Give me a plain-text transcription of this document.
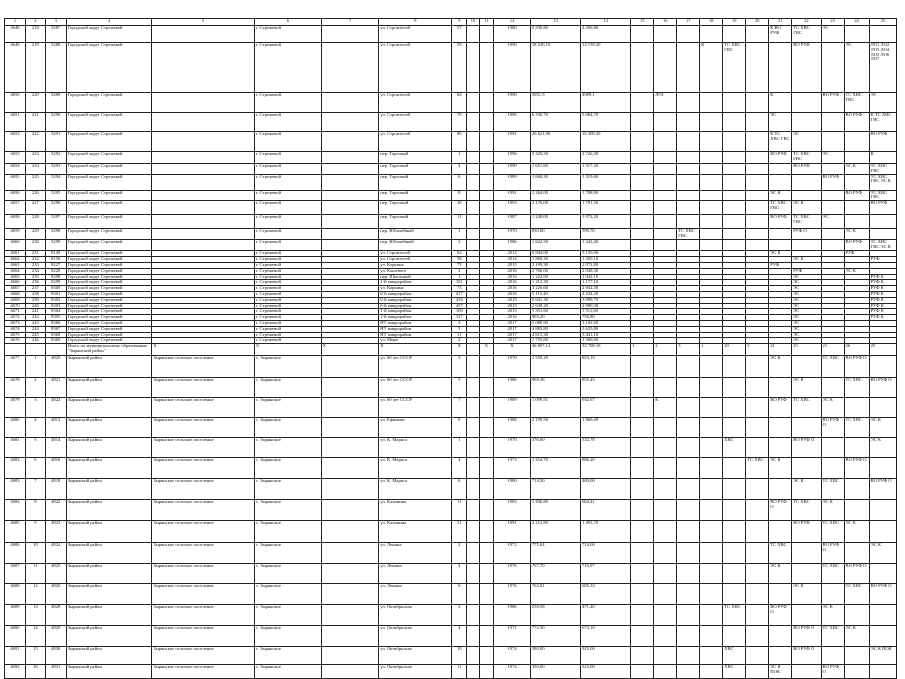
1	2	3	4	5	6	7	8	9	10	11	12	13	14	15	16	17	18	19	20	21	22	23	24	25
4648	218	5287	Городской округ Стрежевой		г. Стрежевой		ул. Строителей	57			1980	5 330,80	4 206,80							К ВО РУФ	ТС ХВС ГВС	ЭС		
4649	219	5288	Городской округ Стрежевой		г. Стрежевой		ул. Строителей	59			1990	18 526,10	14 158,30				К	ТС ХВС ГВС			ВО РУФ		ЭС	ЛО1 ЛО2 ЛО3 ЛО4 ЛО5 ЛО6 ЛО7
4650	220	5289	Городской округ Стрежевой		г. Стрежевой		ул. Строителей	64			1990	5051,9	4989,1		ЛО1					К		ВО РУФ	ТС ХВС ГВС	ЭС
4651	221	5290	Городской округ Стрежевой		г. Стрежевой		ул. Строителей	70			1996	6 336,70	5 084,70							ЭС			ВО РУФ	К ТС ХВС ГВС
4652	222	5291	Городской округ Стрежевой		г. Стрежевой		ул. Строителей	80			1991	20 621,90	16 300,30							К ТС ХВС ГВС	ЭС			ВО РУФ
4653	223	5292	Городской округ Стрежевой		г. Стрежевой		пер. Торговый	1			1996	3 329,50	2 726,30							ВО РУФ	ТС ХВС ГВС	ЭС		К
4654	224	5293	Городской округ Стрежевой		г. Стрежевой		пер. Торговый	4			1990	1 651,60	1 317,20								ВО РУФ		ЭС К	ТС ХВС ГВС
4655	225	5294	Городской округ Стрежевой		г. Стрежевой		пер. Торговый	6			1989	1 668,30	1 319,60									ВО РУФ		ТС ХВС ГВС ЭС К
4656	226	5295	Городской округ Стрежевой		г. Стрежевой		пер. Торговый	8			1991	2 264,00	1 788,90							ЭС К			ВО РУФ	ТС ХВС ГВС
4657	227	5296	Городской округ Стрежевой		г. Стрежевой		пер. Торговый	10			1993	2 176,00	1 781,50							ТС ХВС ГВС	ЭС К			ВО РУФ
4658	228	5297	Городской округ Стрежевой		г. Стрежевой		пер. Торговый	11			1987	1 248,00	1 072,20							ВО РУФ	ТС ХВС ГВС	ЭС		
4659	229	5298	Городской округ Стрежевой		г. Стрежевой		пер. Юбилейный	1			1970	830,80	599,70			ТС ХВС ГВС					РУФ О		ЭС К	
4660	230	5299	Городской округ Стрежевой		г. Стрежевой		пер. Юбилейный	2			1986	1 622,50	1 342,40										ВО РУФ	ТС ХВС ГВС ЭС К
4661	231	8149	Городской округ Стрежевой		г. Стрежевой		ул. Строителей	62			2014	6 844,00	5 150,00							ЭС К			РУФ	
4662	232	8150	Городской округ Стрежевой		г. Стрежевой		ул. Строителей	58			2014	1 860,30	1 450,10								ЭС К			РУФ
4663	233	8227	Городской округ Стрежевой		г. Стрежевой		ул. Коркина	75			2015	3 109,30	2 072,80							РУФ				
4664	234	8228	Городской округ Стрежевой		г. Стрежевой		ул. Кошевого	2			2016	2 766,00	2 048,30								РУФ		ЭС К	
4665	235	8298	Городской округ Стрежевой		г. Стрежевой		пер. Школьный	1			2016	1 222,90	1 042,10								ЭС			РУФ К
4666	236	8299	Городской округ Стрежевой		г. Стрежевой		1-й микрорайон	101			2016	1 212,30	1 177,10								ЭС			РУФ К
4667	237	8300	Городской округ Стрежевой		г. Стрежевой		ул. Коркина	73			2016	3 226,60	2 942,50								ЭС			РУФ К
4668	238	8301	Городской округ Стрежевой		г. Стрежевой		6-й микрорайон	417			2016	5 115,40	4 234,20								ЭС			РУФ К
4669	239	8302	Городской округ Стрежевой		г. Стрежевой		6-й микрорайон	416			2015	5 641,30	3 099,70								ЭС			РУФ К
4670	240	8303	Городской округ Стрежевой		г. Стрежевой		6-й микрорайон	457			2015	2 630,20	2 980,30								ЭС			РУФ К
4671	241	8304	Городской округ Стрежевой		г. Стрежевой		1-й микрорайон	100			2015	1 351,60	1 511,60								ЭС			РУФ К
4672	242	8305	Городской округ Стрежевой		г. Стрежевой		1-й микрорайон	127			2016	903,20	756,80								ЭС			РУФ К
4673	243	8366	Городской округ Стрежевой		г. Стрежевой		НТ микрорайон	3			2017	5 088,90	3 182,60								ЭС			
4674	244	8367	Городской округ Стрежевой		г. Стрежевой		НТ микрорайон	5			2017	4 883,80	3 625,80								ЭС			
4675	245	8368	Городской округ Стрежевой		г. Стрежевой		НТ микрорайон	11			2017	4 615,30	3 441,10								ЭС			
4676	246	8369	Городской округ Стрежевой		г. Стрежевой		ул. Мира	2			2017	1 755,60	1 560,60								ЭС			
			Итого по муниципальному образованию "Зырянский район"	X	X	X	X	X		X	X	46 807,14	33 708,19	1	2	3	1	20	5	21	25	21	26	25
4677	1	4820	Зырянский район	Зырянское сельское поселение	с. Зырянское		ул. 60 лет СССР	3			1970	1 559,29	853,19							ЭС К		ТС ХВС	ВО РУФ О	
4678	2	4821	Зырянский район	Зырянское сельское поселение	с. Зырянское		ул. 60 лет СССР	5			1986	968,38	855,45								ЭС К		ТС ХВС	ВО РУФ О
4679	3	4822	Зырянский район	Зырянское сельское поселение	с. Зырянское		ул. 60 лет СССР	7			1989	1 099,51	932,67		К					ВО РУФ	ТС ХВС	ЭС К		
4680	4	4813	Зырянский район	Зырянское сельское поселение	с. Зырянское		ул. Ефимова	9			1988	2 199,50	1 860,49									ВО РУФ О	ТС ХВС	ЭС К
4681	5	4814	Зырянский район	Зырянское сельское поселение	с. Зырянское		ул. К. Маркса	1			1970	376,60	332,78					ХВС			ВО РУФ О			ЭС К
4682	6	4816	Зырянский район	Зырянское сельское поселение	с. Зырянское		ул. К. Маркса	4			1973	1 454,70	886,20						ТС ХВС	ЭС К			ВО РУФ О	
4683	7	4818	Зырянский район	Зырянское сельское поселение	с. Зырянское		ул. К. Маркса	6			1980	714,50	469,00								ЭС К	ТС ХВС		ВО РУФ О
4684	8	4822	Зырянский район	Зырянское сельское поселение	с. Зырянское		ул. Калинина	11			1983	1 496,80	964,41							ВО РУФ О	ТС ХВС	ЭС К		
4685	9	4823	Зырянский район	Зырянское сельское поселение	с. Зырянское		ул. Калинина	21			1991	2 212,80	1 493,70								ВО РУФ	ТС ХВС	ЭС К	
4686	10	4824	Зырянский район	Зырянское сельское поселение	с. Зырянское		ул. Ленина	2			1972	775,04	724,00							ТС ХВС		ВО РУФ О		ЭС К
4687	11	4825	Зырянский район	Зырянское сельское поселение	с. Зырянское		ул. Ленина	4			1976	767,70	710,97							ЭС К		ТС ХВС	ВО РУФ О	
4688	12	4826	Зырянский район	Зырянское сельское поселение	с. Зырянское		ул. Ленина	6			1976	763,01	685,33								ЭС К		ТС ХВС	ВО РУФ О
4689	13	4828	Зырянский район	Зырянское сельское поселение	с. Зырянское		ул. Октябрьская	2			1986	558,58	471,40					ТС ХВС		ВО РУФ О		ЭС К		
4690	14	4829	Зырянский район	Зырянское сельское поселение	с. Зырянское		ул. Октябрьская	4			1971	772,30	674,10								ВО РУФ О	ТС ХВС	ЭС К	
4691	15	4830	Зырянский район	Зырянское сельское поселение	с. Зырянское		ул. Октябрьская	10			1974	380,00	325,00					ХВС			ВО РУФ О			ЭС К ПОК
4692	16	4831	Зырянский район	Зырянское сельское поселение	с. Зырянское		ул. Октябрьская	11			1974	350,00	323,00					ХВС		ЭС К ПОК		ВО РУФ О		
